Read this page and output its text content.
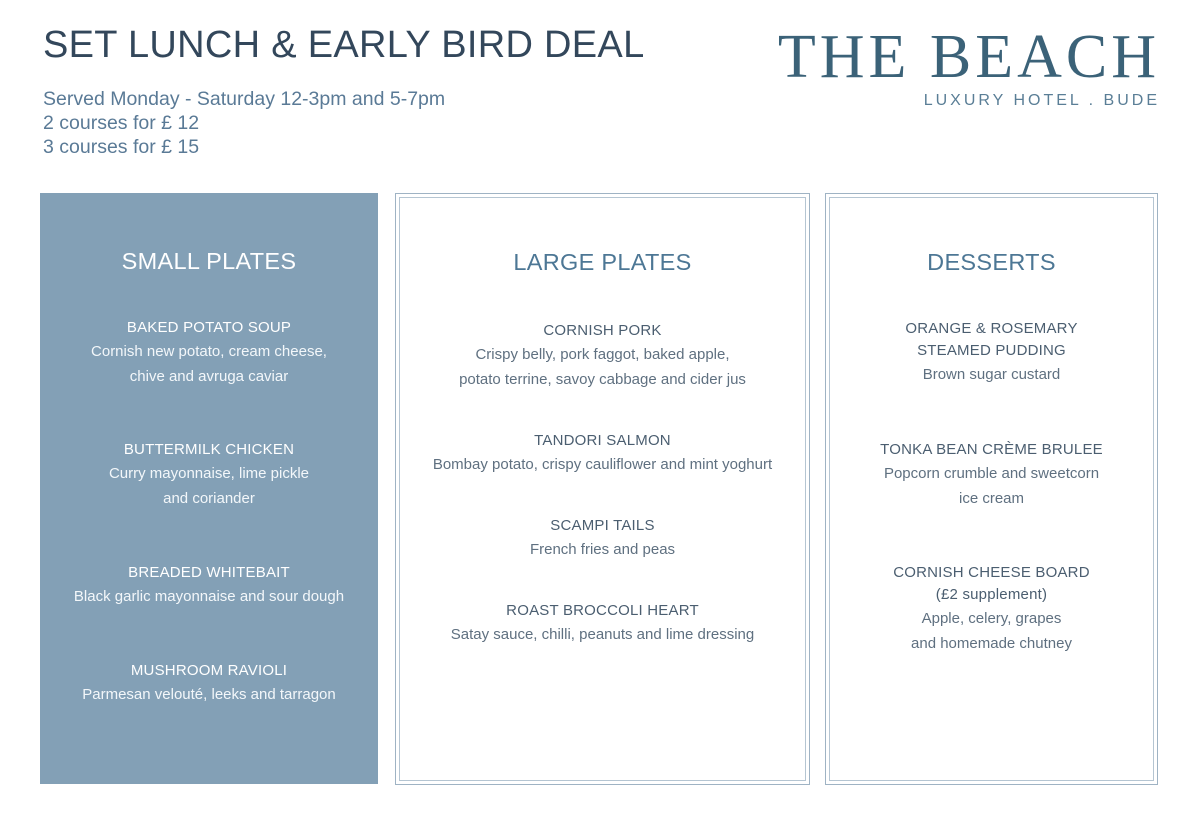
SET LUNCH & EARLY BIRD DEAL
Served Monday - Saturday 12-3pm and 5-7pm
2 courses for £ 12
3 courses for £ 15
THE BEACH
LUXURY HOTEL . BUDE
SMALL PLATES
BAKED POTATO SOUP
Cornish new potato, cream cheese,
chive and avruga caviar
BUTTERMILK CHICKEN
Curry mayonnaise, lime pickle
and coriander
BREADED WHITEBAIT
Black garlic mayonnaise and sour dough
MUSHROOM RAVIOLI
Parmesan velouté, leeks and tarragon
LARGE PLATES
CORNISH PORK
Crispy belly, pork faggot, baked apple,
potato terrine, savoy cabbage and cider jus
TANDORI SALMON
Bombay potato, crispy cauliflower and mint yoghurt
SCAMPI TAILS
French fries and peas
ROAST BROCCOLI HEART
Satay sauce, chilli, peanuts and lime dressing
DESSERTS
ORANGE & ROSEMARY
STEAMED PUDDING
Brown sugar custard
TONKA BEAN CRÈME BRULEE
Popcorn crumble and sweetcorn
ice cream
CORNISH CHEESE BOARD
(£2 supplement)
Apple, celery, grapes
and homemade chutney
